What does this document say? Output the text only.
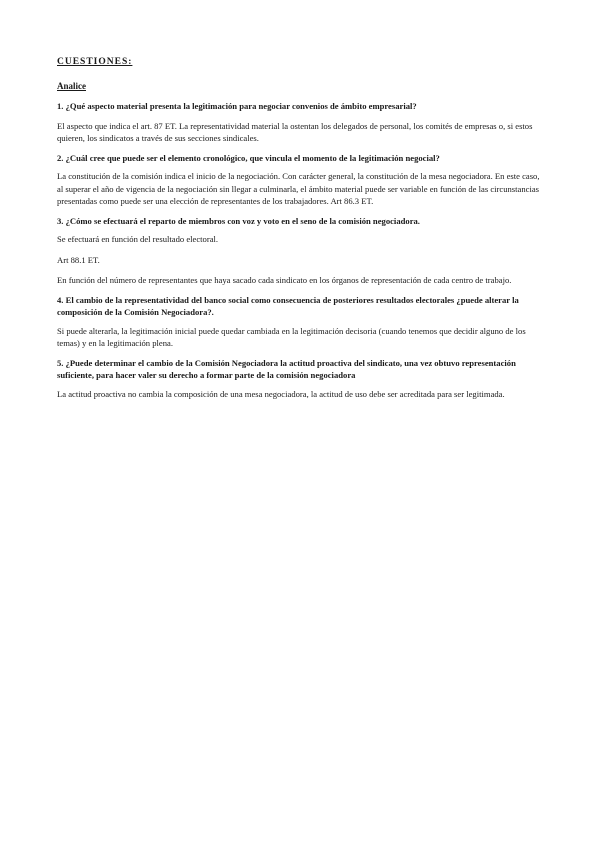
CUESTIONES:
Analice
1. ¿Qué aspecto material presenta la legitimación para negociar convenios de ámbito empresarial?
El aspecto que indica el art. 87 ET. La representatividad material la ostentan los delegados de personal, los comités de empresas o, si estos quieren, los sindicatos a través de sus secciones sindicales.
2. ¿Cuál cree que puede ser el elemento cronológico, que vincula el momento de la legitimación negocial?
La constitución de la comisión indica el inicio de la negociación. Con carácter general, la constitución de la mesa negociadora. En este caso, al superar el año de vigencia de la negociación sin llegar a culminarla, el ámbito material puede ser variable en función de las circunstancias presentadas como puede ser una elección de representantes de los trabajadores. Art 86.3 ET.
3. ¿Cómo se efectuará el reparto de miembros con voz y voto en el seno de la comisión negociadora.
Se efectuará en función del resultado electoral.
Art 88.1 ET.
En función del número de representantes que haya sacado cada sindicato en los órganos de representación de cada centro de trabajo.
4. El cambio de la representatividad del banco social como consecuencia de posteriores resultados electorales ¿puede alterar la composición de la Comisión Negociadora?.
Si puede alterarla, la legitimación inicial puede quedar cambiada en la legitimación decisoria (cuando tenemos que decidir alguno de los temas) y en la legitimación plena.
5. ¿Puede determinar el cambio de la Comisión Negociadora la actitud proactiva del sindicato, una vez obtuvo representación suficiente, para hacer valer su derecho a formar parte de la comisión negociadora
La actitud proactiva no cambia la composición de una mesa negociadora, la actitud de uso debe ser acreditada para ser legitimada.
